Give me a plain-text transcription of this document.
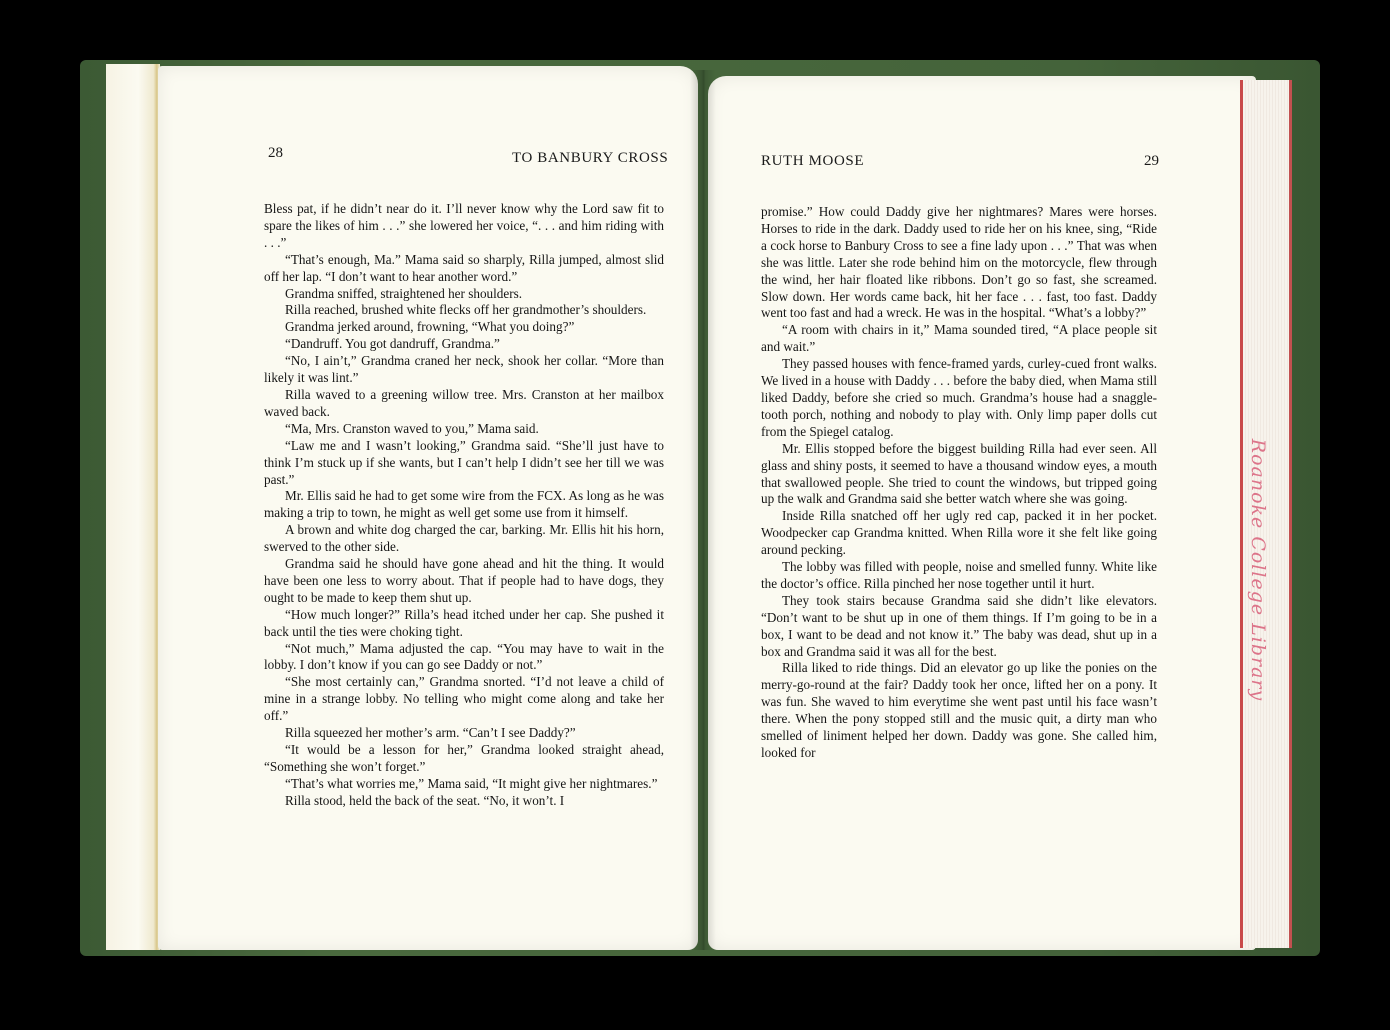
28	TO BANBURY CROSS

Bless pat, if he didn’t near do it. I’ll never know why the Lord saw fit to spare the likes of him . . .” she lowered her voice, “. . . and him riding with . . .”

“That’s enough, Ma.” Mama said so sharply, Rilla jumped, almost slid off her lap. “I don’t want to hear another word.”

Grandma sniffed, straightened her shoulders.

Rilla reached, brushed white flecks off her grandmother’s shoulders.

Grandma jerked around, frowning, “What you doing?”

“Dandruff. You got dandruff, Grandma.”

“No, I ain’t,” Grandma craned her neck, shook her collar. “More than likely it was lint.”

Rilla waved to a greening willow tree. Mrs. Cranston at her mailbox waved back.

“Ma, Mrs. Cranston waved to you,” Mama said.

“Law me and I wasn’t looking,” Grandma said. “She’ll just have to think I’m stuck up if she wants, but I can’t help I didn’t see her till we was past.”

Mr. Ellis said he had to get some wire from the FCX. As long as he was making a trip to town, he might as well get some use from it himself.

A brown and white dog charged the car, barking. Mr. Ellis hit his horn, swerved to the other side.

Grandma said he should have gone ahead and hit the thing. It would have been one less to worry about. That if people had to have dogs, they ought to be made to keep them shut up.

“How much longer?” Rilla’s head itched under her cap. She pushed it back until the ties were choking tight.

“Not much,” Mama adjusted the cap. “You may have to wait in the lobby. I don’t know if you can go see Daddy or not.”

“She most certainly can,” Grandma snorted. “I’d not leave a child of mine in a strange lobby. No telling who might come along and take her off.”

Rilla squeezed her mother’s arm. “Can’t I see Daddy?”

“It would be a lesson for her,” Grandma looked straight ahead, “Something she won’t forget.”

“That’s what worries me,” Mama said, “It might give her nightmares.”

Rilla stood, held the back of the seat. “No, it won’t. I

RUTH MOOSE	29

promise.” How could Daddy give her nightmares? Mares were horses. Horses to ride in the dark. Daddy used to ride her on his knee, sing, “Ride a cock horse to Banbury Cross to see a fine lady upon . . .” That was when she was little. Later she rode behind him on the motorcycle, flew through the wind, her hair floated like ribbons. Don’t go so fast, she screamed. Slow down. Her words came back, hit her face . . . fast, too fast. Daddy went too fast and had a wreck. He was in the hospital. “What’s a lobby?”

“A room with chairs in it,” Mama sounded tired, “A place people sit and wait.”

They passed houses with fence-framed yards, curley-cued front walks. We lived in a house with Daddy . . . before the baby died, when Mama still liked Daddy, before she cried so much. Grandma’s house had a snaggle-tooth porch, nothing and nobody to play with. Only limp paper dolls cut from the Spiegel catalog.

Mr. Ellis stopped before the biggest building Rilla had ever seen. All glass and shiny posts, it seemed to have a thousand window eyes, a mouth that swallowed people. She tried to count the windows, but tripped going up the walk and Grandma said she better watch where she was going.

Inside Rilla snatched off her ugly red cap, packed it in her pocket. Woodpecker cap Grandma knitted. When Rilla wore it she felt like going around pecking.

The lobby was filled with people, noise and smelled funny. White like the doctor’s office. Rilla pinched her nose together until it hurt.

They took stairs because Grandma said she didn’t like elevators. “Don’t want to be shut up in one of them things. If I’m going to be in a box, I want to be dead and not know it.” The baby was dead, shut up in a box and Grandma said it was all for the best.

Rilla liked to ride things. Did an elevator go up like the ponies on the merry-go-round at the fair? Daddy took her once, lifted her on a pony. It was fun. She waved to him everytime she went past until his face wasn’t there. When the pony stopped still and the music quit, a dirty man who smelled of liniment helped her down. Daddy was gone. She called him, looked for

Roanoke College Library
